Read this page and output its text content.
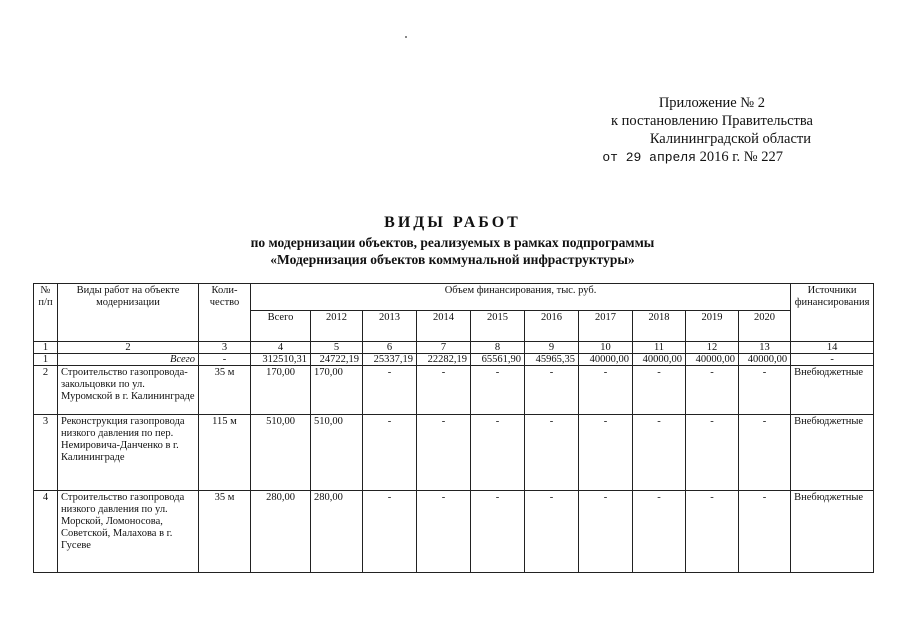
Приложение № 2
к постановлению Правительства
Калининградской области
от 29 апреля 2016 г. № 227
ВИДЫ РАБОТ
по модернизации объектов, реализуемых в рамках подпрограммы
«Модернизация объектов коммунальной инфраструктуры»
№ п/п	Виды работ на объекте модернизации	Коли- чество	Объем финансирования, тыс. руб.										Источники финансирования
			Всего	2012	2013	2014	2015	2016	2017	2018	2019	2020	
1	2	3	4	5	6	7	8	9	10	11	12	13	14
1	Всего	-	312510,31	24722,19	25337,19	22282,19	65561,90	45965,35	40000,00	40000,00	40000,00	40000,00	-
2	Строительство газопровода-закольцовки по ул. Муромской в г. Калининграде	35 м	170,00	170,00	-	-	-	-	-	-	-	-	Внебюджетные
3	Реконструкция газопровода низкого давления по пер. Немировича-Данченко в г. Калининграде	115 м	510,00	510,00	-	-	-	-	-	-	-	-	Внебюджетные
4	Строительство газопровода низкого давления по ул. Морской, Ломоносова, Советской, Малахова в г. Гусеве	35 м	280,00	280,00	-	-	-	-	-	-	-	-	Внебюджетные
